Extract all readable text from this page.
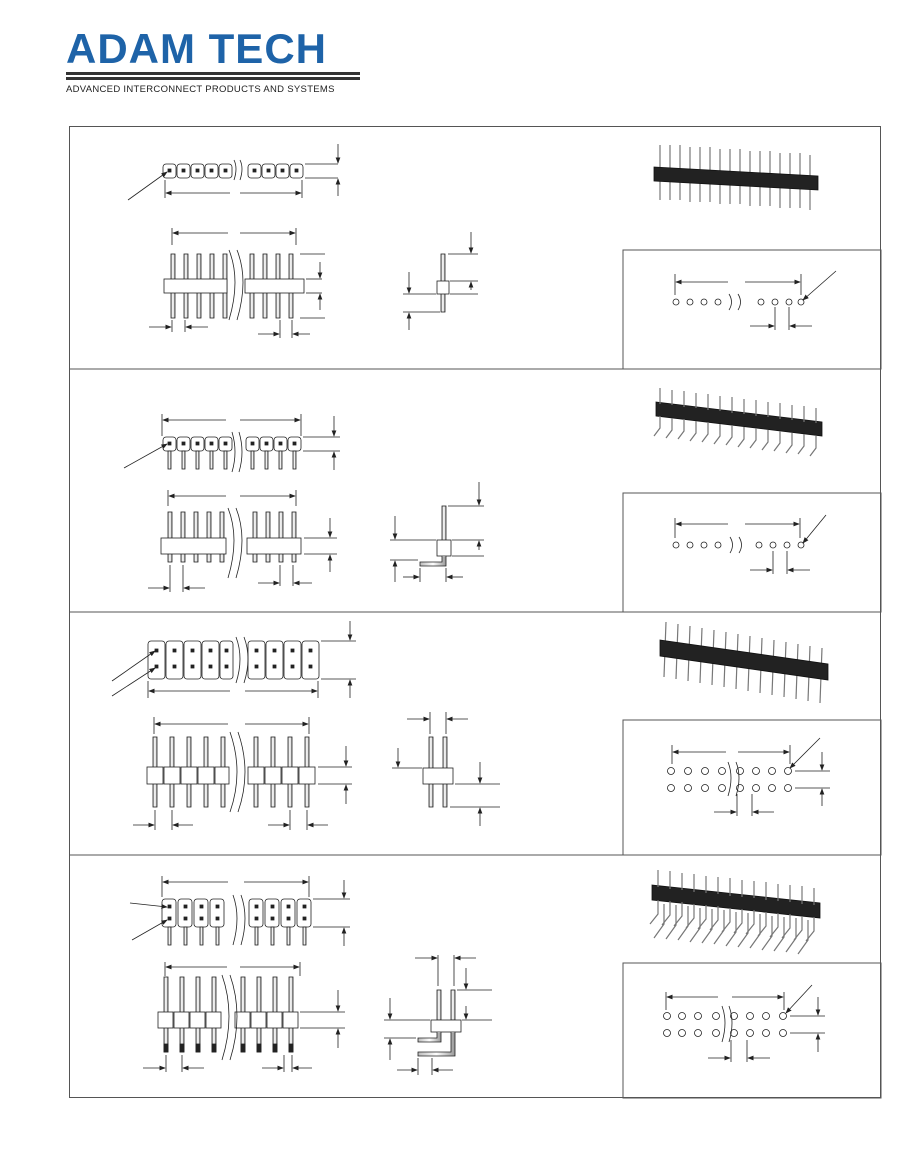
ADAM TECH
ADVANCED INTERCONNECT PRODUCTS AND SYSTEMS
